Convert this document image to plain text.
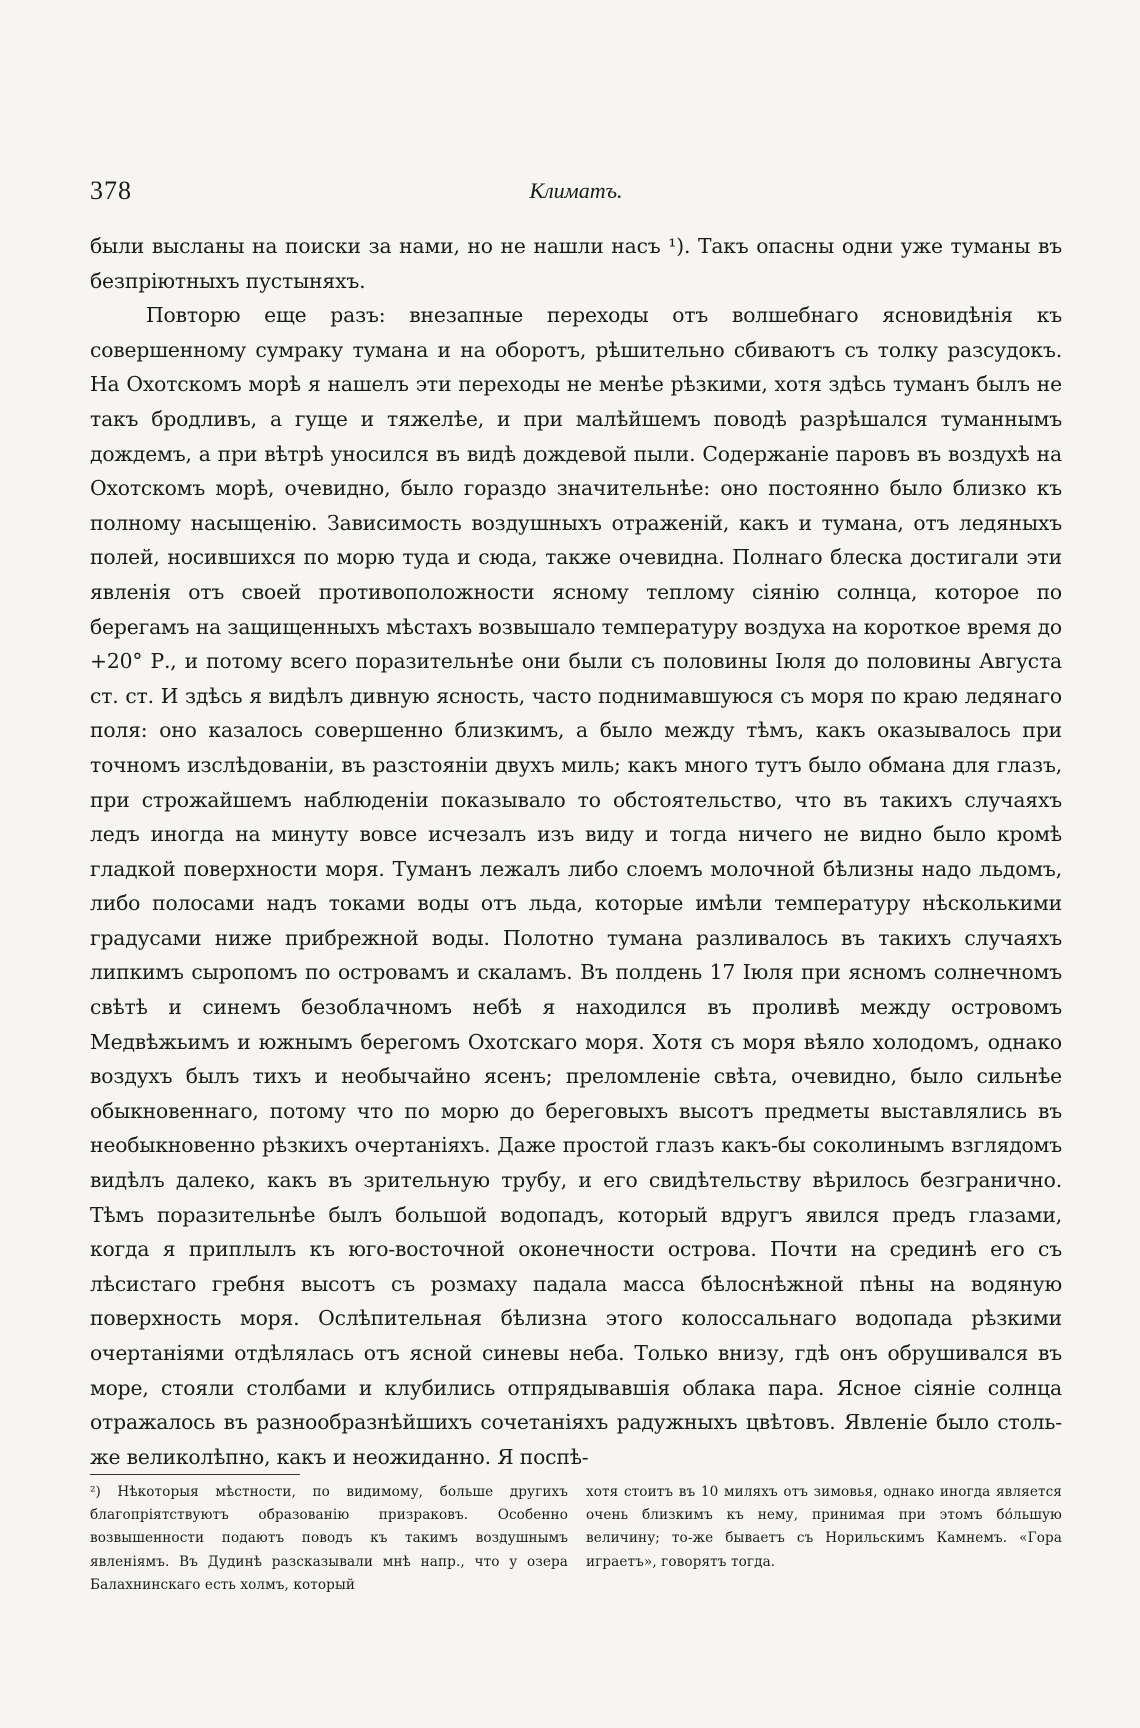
378	Климатъ.

были высланы на поиски за нами, но не нашли насъ ¹). Такъ опасны одни уже туманы въ безпріютныхъ пустыняхъ.

Повторю еще разъ: внезапные переходы отъ волшебнаго ясновидѣнія къ совершенному сумраку тумана и на оборотъ, рѣшительно сбиваютъ съ толку разсудокъ. На Охотскомъ морѣ я нашелъ эти переходы не менѣе рѣзкими, хотя здѣсь туманъ былъ не такъ бродливъ, а гуще и тяжелѣе, и при малѣйшемъ поводѣ разрѣшался туманнымъ дождемъ, а при вѣтрѣ уносился въ видѣ дождевой пыли. Содержаніе паровъ въ воздухѣ на Охотскомъ морѣ, очевидно, было гораздо значительнѣе: оно постоянно было близко къ полному насыщенію. Зависимость воздушныхъ отраженій, какъ и тумана, отъ ледяныхъ полей, носившихся по морю туда и сюда, также очевидна. Полнаго блеска достигали эти явленія отъ своей противоположности ясному теплому сіянію солнца, которое по берегамъ на защищенныхъ мѣстахъ возвышало температуру воздуха на короткое время до +20° Р., и потому всего поразительнѣе они были съ половины Іюля до половины Августа ст. ст. И здѣсь я видѣлъ дивную ясность, часто поднимавшуюся съ моря по краю ледянаго поля: оно казалось совершенно близкимъ, а было между тѣмъ, какъ оказывалось при точномъ изслѣдованіи, въ разстояніи двухъ миль; какъ много тутъ было обмана для глазъ, при строжайшемъ наблюденіи показывало то обстоятельство, что въ такихъ случаяхъ ледъ иногда на минуту вовсе исчезалъ изъ виду и тогда ничего не видно было кромѣ гладкой поверхности моря. Туманъ лежалъ либо слоемъ молочной бѣлизны надо льдомъ, либо полосами надъ токами воды отъ льда, которые имѣли температуру нѣсколькими градусами ниже прибрежной воды. Полотно тумана разливалось въ такихъ случаяхъ липкимъ сыропомъ по островамъ и скаламъ. Въ полдень 17 Іюля при ясномъ солнечномъ свѣтѣ и синемъ безоблачномъ небѣ я находился въ проливѣ между островомъ Медвѣжьимъ и южнымъ берегомъ Охотскаго моря. Хотя съ моря вѣяло холодомъ, однако воздухъ былъ тихъ и необычайно ясенъ; преломленіе свѣта, очевидно, было сильнѣе обыкновеннаго, потому что по морю до береговыхъ высотъ предметы выставлялись въ необыкновенно рѣзкихъ очертаніяхъ. Даже простой глазъ какъ-бы соколинымъ взглядомъ видѣлъ далеко, какъ въ зрительную трубу, и его свидѣтельству вѣрилось безгранично. Тѣмъ поразительнѣе былъ большой водопадъ, который вдругъ явился предъ глазами, когда я приплылъ къ юго-восточной оконечности острова. Почти на срединѣ его съ лѣсистаго гребня высотъ съ розмаху падала масса бѣлоснѣжной пѣны на водяную поверхность моря. Ослѣпительная бѣлизна этого колоссальнаго водопада рѣзкими очертаніями отдѣлялась отъ ясной синевы неба. Только внизу, гдѣ онъ обрушивался въ море, стояли столбами и клубились отпрядывавшія облака пара. Ясное сіяніе солнца отражалось въ разнообразнѣйшихъ сочетаніяхъ радужныхъ цвѣтовъ. Явленіе было столь-же великолѣпно, какъ и неожиданно. Я поспѣ-

²) Нѣкоторыя мѣстности, по видимому, больше другихъ благопріятствуютъ образованію призраковъ. Особенно возвышенности подаютъ поводъ къ такимъ воздушнымъ явленіямъ. Въ Дудинѣ разсказывали мнѣ напр., что у озера Балахнинскаго есть холмъ, который
хотя стоитъ въ 10 миляхъ отъ зимовья, однако иногда является очень близкимъ къ нему, принимая при этомъ бо́льшую величину; то-же бываетъ съ Норильскимъ Камнемъ. «Гора играетъ», говорятъ тогда.
